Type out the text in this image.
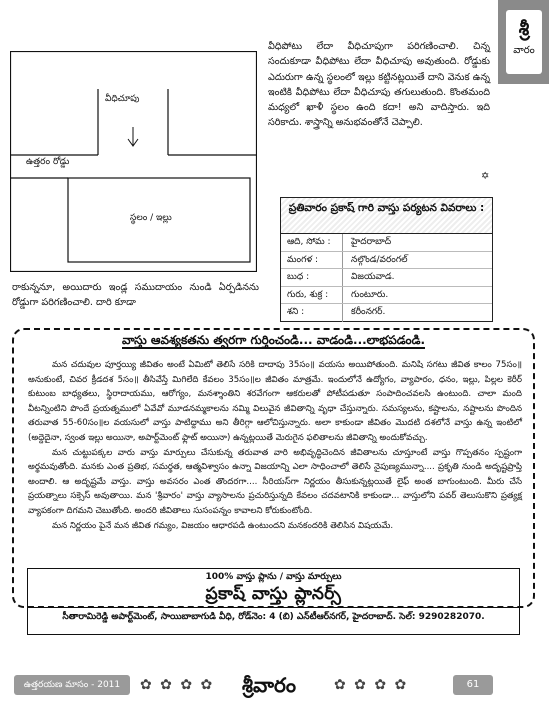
శ్రీ
వారం
వీధిచూపు
ఉత్తరం రోడ్డు
స్థలం / ఇల్లు
వీధిపోటు లేదా వీధిచూపుగా పరిగణించాలి. చిన్న సందుకూడా వీధిపోటు లేదా వీధిచూపు అవుతుంది. రోడ్డుకు ఎదురుగా ఉన్న స్థలంలో ఇల్లు కట్టినట్లయితే దాని వెనుక ఉన్న ఇంటికి వీధిపోటు లేదా వీధిచూపు తగులుతుంది. కొంతమంది మధ్యలో ఖాళీ స్థలం ఉంది కదా! అని వాదిస్తారు. ఇది సరికాదు. శాస్త్రాన్ని అనుభవంతోనే చెప్పాలి.
✡
రాకున్ననూ, అయిదారు ఇండ్ల సముదాయం నుండి ఏర్పడినను రోడ్డుగా పరిగణించాలి. దారి కూడా
ప్రతివారం ప్రకాష్ గారి వాస్తు పర్యటన వివరాలు :
ఆది, సోమ :	హైదరాబాద్
మంగళ :	నల్గొండ/వరంగల్
బుధ :	విజయవాడ.
గురు, శుక్ర :	గుంటూరు.
శని :	కరీంనగర్.
వాస్తు ఆవశ్యకతను త్వరగా గుర్తించండి... వాడండి...లాభపడండి.

మన చదువుల పూర్తయ్యి జీవితం అంటే ఏమిటో తెలిసే సరికి దాదాపు 35సం॥ వయసు అయిపోతుంది. మనిషి సగటు జీవిత కాలం 75సం॥ అనుకుంటే, చివర క్రీడదశ 5సం॥ తీసివేస్తే మిగిలేది కేవలం 35సం॥ల జీవితం మాత్రమే. ఇందులోనే ఉద్యోగం, వ్యాపారం, ధనం, ఇల్లు, పిల్లల కెరీర్ కుటుంబ బాధ్యతలు, స్థిరాదాయము, ఆరోగ్యం, మనశ్శాంతిని శరవేగంగా ఆకరులతో పోటీపడుతూ సంపాదించవలసి ఉంటుంది. చాలా మంది వీటన్నింటిని పొందే ప్రయత్నములో ఏవేవో మూడనమ్మకాలను నమ్మి విలువైన జీవితాన్ని వృధా చేస్తున్నారు. సమస్యలను, కష్టాలను, నష్టాలను పొందిన తరువాత 55-60సం॥ల వయసులో వాస్తు పాటిద్దాము అని తీరిగ్గా ఆలోచిస్తున్నారు. అలా కాకుండా జీవితం మొదటి దశలోనే వాస్తు ఉన్న ఇంటిలో (అద్దెదైనా, స్వంత ఇల్లు అయినా, అపార్ట్‌మెంట్ ఫ్లాట్ అయినా) ఉన్నట్లయితే మెరుగైన ఫలితాలను జీవితాన్ని అందుకోవచ్చు.

మన చుట్టుపక్కల వారు వాస్తు మార్పులు చేసుకున్న తరువాత వారి అభివృద్ధిచెందిన జీవితాలను చూస్తూంటే వాస్తు గొప్పతనం స్పష్టంగా అర్థమవుతోంది. మనకు ఎంత ప్రతిభ, సమర్థత, ఆత్మవిశ్వాసం ఉన్నా విజయాన్ని ఎలా సాధించాలో తెలిసే నైపుణ్యమున్నా.... ప్రకృతి నుండి అదృష్టప్రాప్తి అందాలి. ఆ అదృష్టమే వాస్తు. వాస్తు అవసరం ఎంత తొందరగా.... సీరియస్‌గా నిర్ణయం తీసుకున్నట్లయితే లైఫ్ అంత బాగుంటుంది. మీరు చేసే ప్రయత్నాలు సక్సెస్ అవుతాయి. మన 'శ్రీవారం' వాస్తు వ్యాసాలను ప్రచురిస్తున్నది కేవలం చదవటానికి కాకుండా... వాస్తులోని పవర్ తెలుసుకొని ప్రత్యక్ష వ్యాపకంగా దిగమని చెబుతోంది. అందరి జీవితాలు సుసంపన్నం కావాలని కోరుకుంటోంది.

మన నిర్ణయం పైనే మన జీవిత గమ్యం, విజయం ఆధారపడి ఉంటుందని మనకందరికి తెలిసిన విషయమే.

100% వాస్తు ప్లాను / వాస్తు మార్పులు
ప్రకాష్ వాస్తు ప్లానర్స్
సీతారామిరెడ్డి అపార్ట్‌మెంట్, సాయిబాబాగుడి వీధి, రోడ్‌నెం: 4 (బి) ఎన్‌టీఆర్‌నగర్, హైదరాబాద్. సెల్: 9290282070.
ఉత్తరయణ మాసం - 2011	✿ ✿ ✿ ✿	శ్రీవారం	✿ ✿ ✿ ✿	61
